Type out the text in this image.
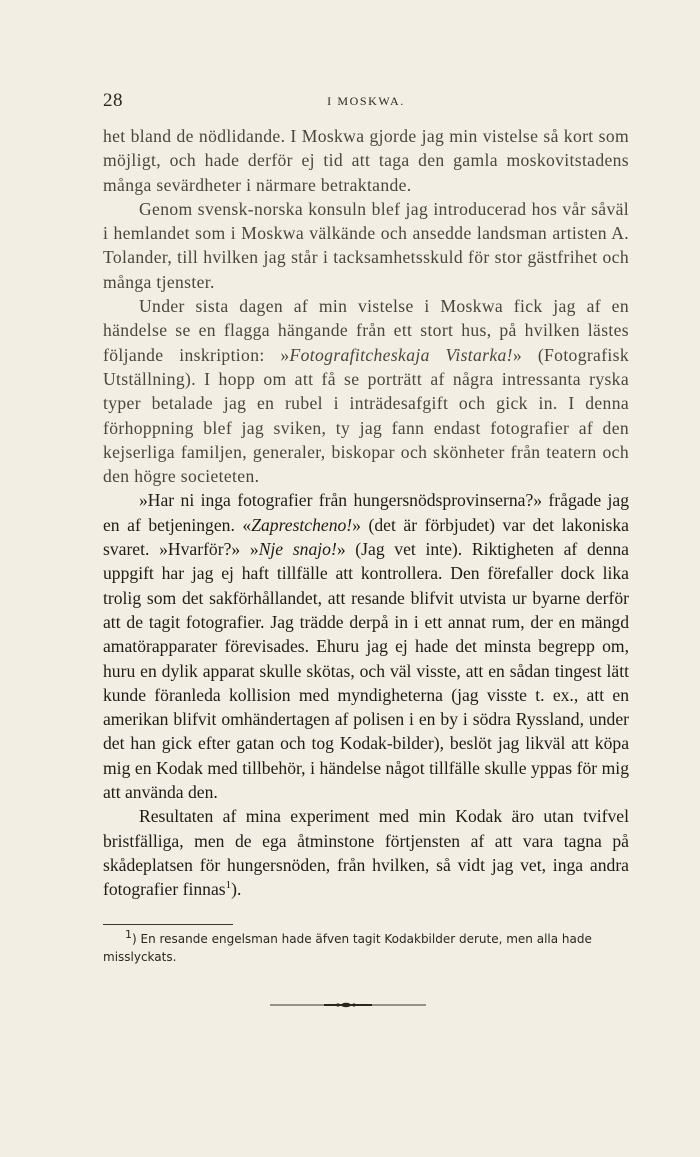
28	I MOSKWA.

het bland de nödlidande. I Moskwa gjorde jag min vistelse så kort som möjligt, och hade derför ej tid att taga den gamla moskovitstadens många sevärdheter i närmare betraktande.

Genom svensk-norska konsuln blef jag introducerad hos vår såväl i hemlandet som i Moskwa välkände och ansedde landsman artisten A. Tolander, till hvilken jag står i tacksamhetsskuld för stor gästfrihet och många tjenster.

Under sista dagen af min vistelse i Moskwa fick jag af en händelse se en flagga hängande från ett stort hus, på hvilken lästes följande inskription: »Fotografitcheskaja Vistarka!» (Fotografisk Utställning). I hopp om att få se porträtt af några intressanta ryska typer betalade jag en rubel i inträdesafgift och gick in. I denna förhoppning blef jag sviken, ty jag fann endast fotografier af den kejserliga familjen, generaler, biskopar och skönheter från teatern och den högre societeten.

»Har ni inga fotografier från hungersnödsprovinserna?» frågade jag en af betjeningen. «Zaprestcheno!» (det är förbjudet) var det lakoniska svaret. »Hvarför?» »Nje snajo!» (Jag vet inte). Riktigheten af denna uppgift har jag ej haft tillfälle att kontrollera. Den förefaller dock lika trolig som det sakförhållandet, att resande blifvit utvista ur byarne derför att de tagit fotografier. Jag trädde derpå in i ett annat rum, der en mängd amatörapparater förevisades. Ehuru jag ej hade det minsta begrepp om, huru en dylik apparat skulle skötas, och väl visste, att en sådan tingest lätt kunde föranleda kollision med myndigheterna (jag visste t. ex., att en amerikan blifvit omhändertagen af polisen i en by i södra Ryssland, under det han gick efter gatan och tog Kodak-bilder), beslöt jag likväl att köpa mig en Kodak med tillbehör, i händelse något tillfälle skulle yppas för mig att använda den.

Resultaten af mina experiment med min Kodak äro utan tvifvel bristfälliga, men de ega åtminstone förtjensten af att vara tagna på skådeplatsen för hungersnöden, från hvilken, så vidt jag vet, inga andra fotografier finnas$^1$).

$^1$) En resande engelsman hade äfven tagit Kodakbilder derute, men alla hade misslyckats.
